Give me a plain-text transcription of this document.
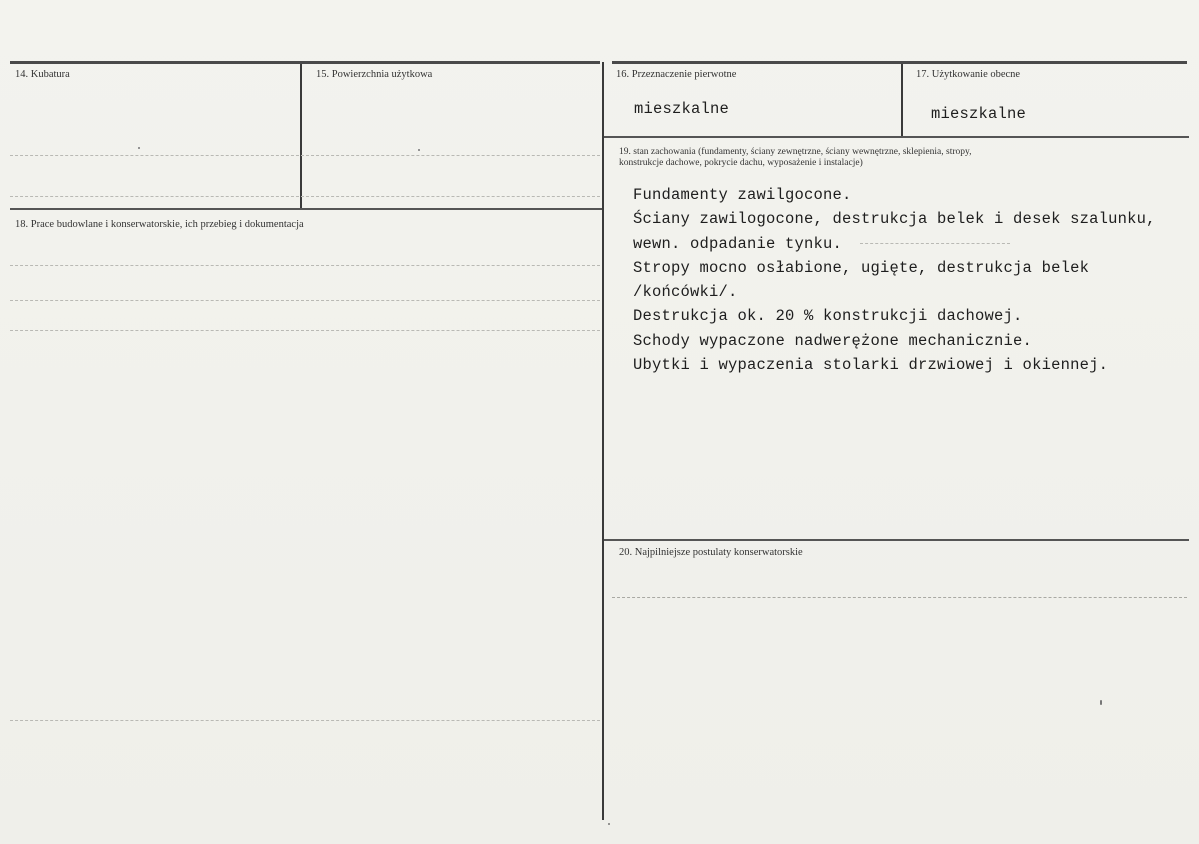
14. Kubatura	15. Powierzchnia użytkowa
18. Prace budowlane i konserwatorskie, ich przebieg i dokumentacja
16. Przeznaczenie pierwotne
mieszkalne
17. Użytkowanie obecne
mieszkalne
19. stan zachowania (fundamenty, ściany zewnętrzne, ściany wewnętrzne, sklepienia, stropy,
konstrukcje dachowe, pokrycie dachu, wyposażenie i instalacje)
Fundamenty zawilgocone.
Ściany zawilogocone, destrukcja belek i desek szalunku,
wewn. odpadanie tynku.
Stropy mocno osłabione, ugięte, destrukcja belek
/końcówki/.
Destrukcja ok. 20 % konstrukcji dachowej.
Schody wypaczone nadwerężone mechanicznie.
Ubytki i wypaczenia stolarki drzwiowej i okiennej.
20. Najpilniejsze postulaty konserwatorskie
